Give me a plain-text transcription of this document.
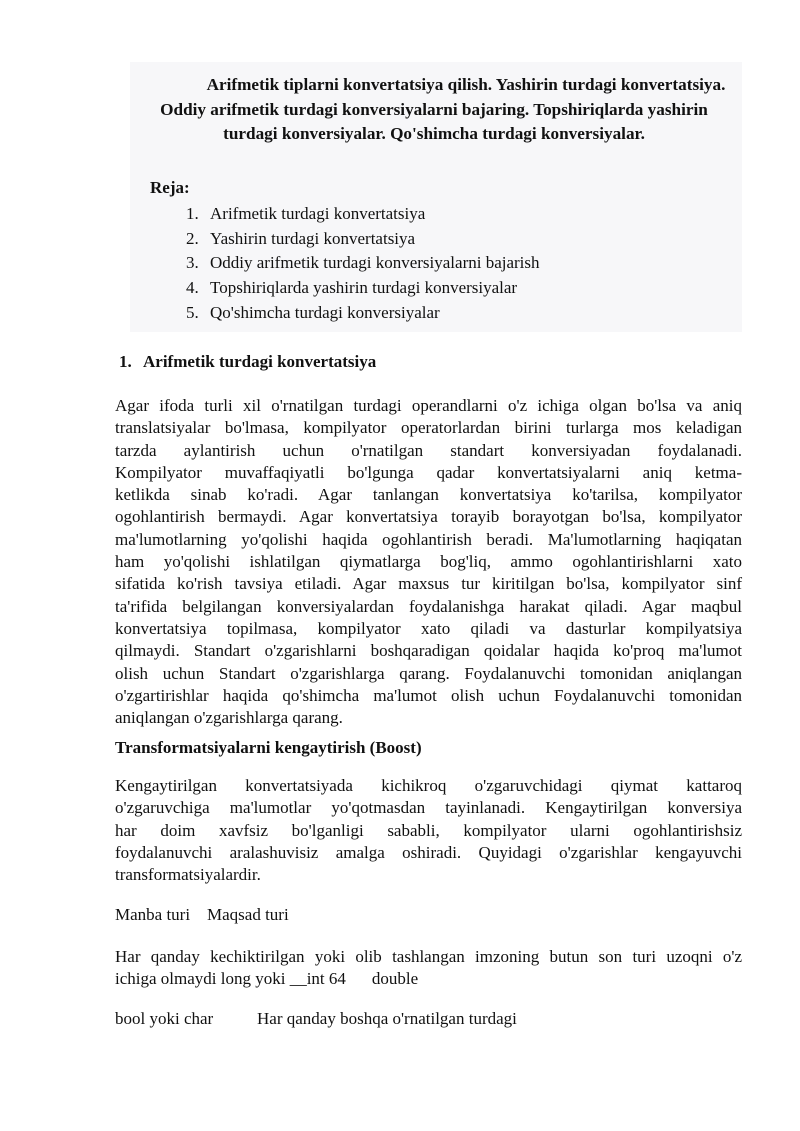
Arifmetik tiplarni konvertatsiya qilish. Yashirin turdagi konvertatsiya.
Oddiy arifmetik turdagi konversiyalarni bajaring. Topshiriqlarda yashirin
turdagi konversiyalar. Qo'shimcha turdagi konversiyalar.
Reja:
1. Arifmetik turdagi konvertatsiya
2. Yashirin turdagi konvertatsiya
3. Oddiy arifmetik turdagi konversiyalarni bajarish
4. Topshiriqlarda yashirin turdagi konversiyalar
5. Qo'shimcha turdagi konversiyalar
1. Arifmetik turdagi konvertatsiya
Agar ifoda turli xil o'rnatilgan turdagi operandlarni o'z ichiga olgan bo'lsa va aniq
translatsiyalar bo'lmasa, kompilyator operatorlardan birini turlarga mos keladigan
tarzda aylantirish uchun o'rnatilgan standart konversiyadan foydalanadi.
Kompilyator muvaffaqiyatli bo'lgunga qadar konvertatsiyalarni aniq ketma-
ketlikda sinab ko'radi. Agar tanlangan konvertatsiya ko'tarilsa, kompilyator
ogohlantirish bermaydi. Agar konvertatsiya torayib borayotgan bo'lsa, kompilyator
ma'lumotlarning yo'qolishi haqida ogohlantirish beradi. Ma'lumotlarning haqiqatan
ham yo'qolishi ishlatilgan qiymatlarga bog'liq, ammo ogohlantirishlarni xato
sifatida ko'rish tavsiya etiladi. Agar maxsus tur kiritilgan bo'lsa, kompilyator sinf
ta'rifida belgilangan konversiyalardan foydalanishga harakat qiladi. Agar maqbul
konvertatsiya topilmasa, kompilyator xato qiladi va dasturlar kompilyatsiya
qilmaydi. Standart o'zgarishlarni boshqaradigan qoidalar haqida ko'proq ma'lumot
olish uchun Standart o'zgarishlarga qarang. Foydalanuvchi tomonidan aniqlangan
o'zgartirishlar haqida qo'shimcha ma'lumot olish uchun Foydalanuvchi tomonidan
aniqlangan o'zgarishlarga qarang.
Transformatsiyalarni kengaytirish (Boost)
Kengaytirilgan konvertatsiyada kichikroq o'zgaruvchidagi qiymat kattaroq
o'zgaruvchiga ma'lumotlar yo'qotmasdan tayinlanadi. Kengaytirilgan konversiya
har doim xavfsiz bo'lganligi sababli, kompilyator ularni ogohlantirishsiz
foydalanuvchi aralashuvisiz amalga oshiradi. Quyidagi o'zgarishlar kengayuvchi
transformatsiyalardir.
Manba turi Maqsad turi
Har qanday kechiktirilgan yoki olib tashlangan imzoning butun son turi uzoqni o'z
ichiga olmaydi long yoki __int 64 double
bool yoki char	Har qanday boshqa o'rnatilgan turdagi
